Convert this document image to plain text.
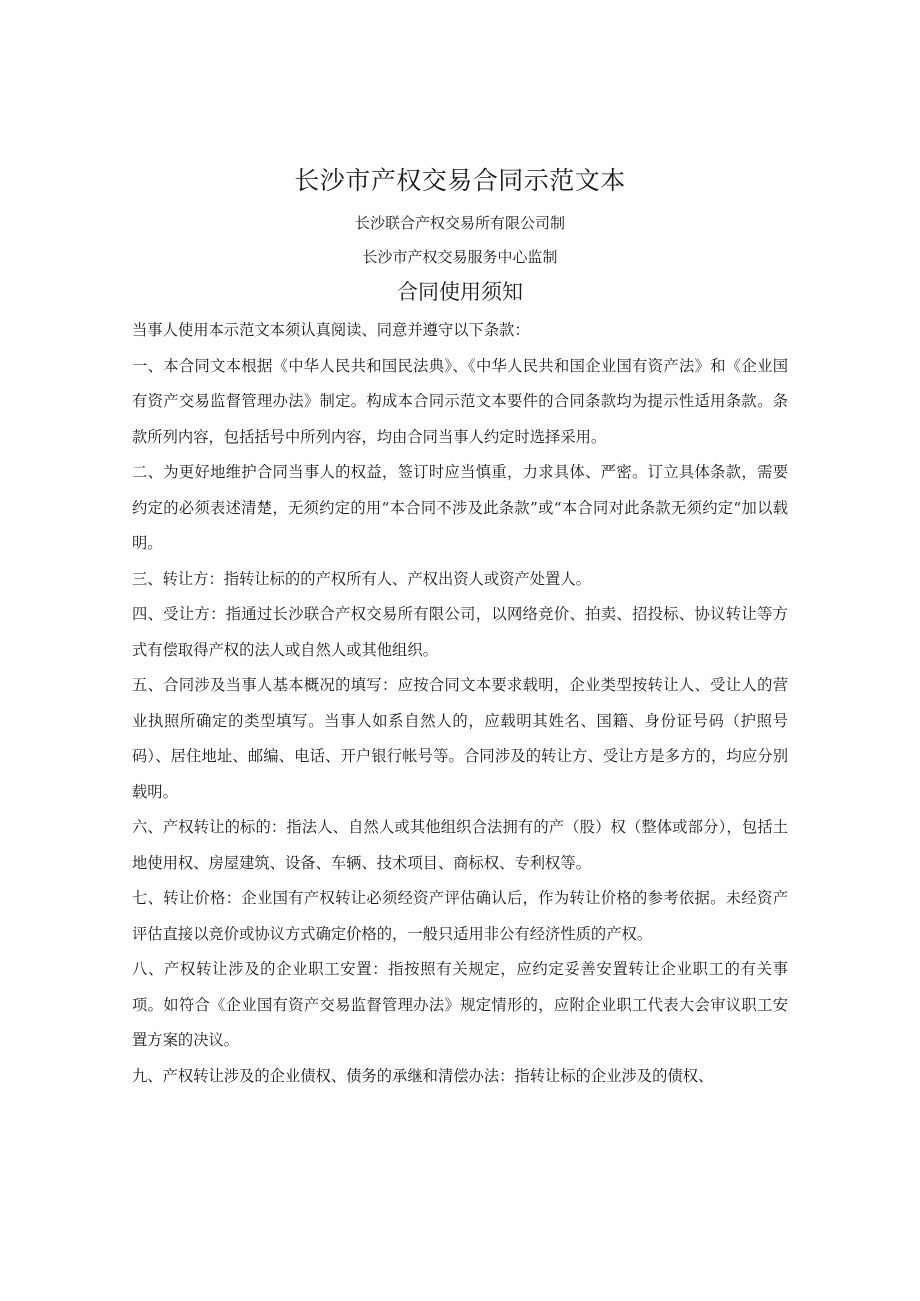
长沙市产权交易合同示范文本

长沙联合产权交易所有限公司制

长沙市产权交易服务中心监制

合同使用须知

当事人使用本示范文本须认真阅读、同意并遵守以下条款：

一、本合同文本根据《中华人民共和国民法典》、《中华人民共和国企业国有资产法》和《企业国有资产交易监督管理办法》制定。构成本合同示范文本要件的合同条款均为提示性适用条款。条款所列内容，包括括号中所列内容，均由合同当事人约定时选择采用。

二、为更好地维护合同当事人的权益，签订时应当慎重，力求具体、严密。订立具体条款，需要约定的必须表述清楚，无须约定的用“本合同不涉及此条款”或“本合同对此条款无须约定“加以载明。

三、转让方：指转让标的的产权所有人、产权出资人或资产处置人。

四、受让方：指通过长沙联合产权交易所有限公司，以网络竞价、拍卖、招投标、协议转让等方式有偿取得产权的法人或自然人或其他组织。

五、合同涉及当事人基本概况的填写：应按合同文本要求载明，企业类型按转让人、受让人的营业执照所确定的类型填写。当事人如系自然人的，应载明其姓名、国籍、身份证号码（护照号码）、居住地址、邮编、电话、开户银行帐号等。合同涉及的转让方、受让方是多方的，均应分别载明。

六、产权转让的标的：指法人、自然人或其他组织合法拥有的产（股）权（整体或部分），包括土地使用权、房屋建筑、设备、车辆、技术项目、商标权、专利权等。

七、转让价格：企业国有产权转让必须经资产评估确认后，作为转让价格的参考依据。未经资产评估直接以竞价或协议方式确定价格的，一般只适用非公有经济性质的产权。

八、产权转让涉及的企业职工安置：指按照有关规定，应约定妥善安置转让企业职工的有关事项。如符合《企业国有资产交易监督管理办法》规定情形的，应附企业职工代表大会审议职工安置方案的决议。

九、产权转让涉及的企业债权、债务的承继和清偿办法：指转让标的企业涉及的债权、
